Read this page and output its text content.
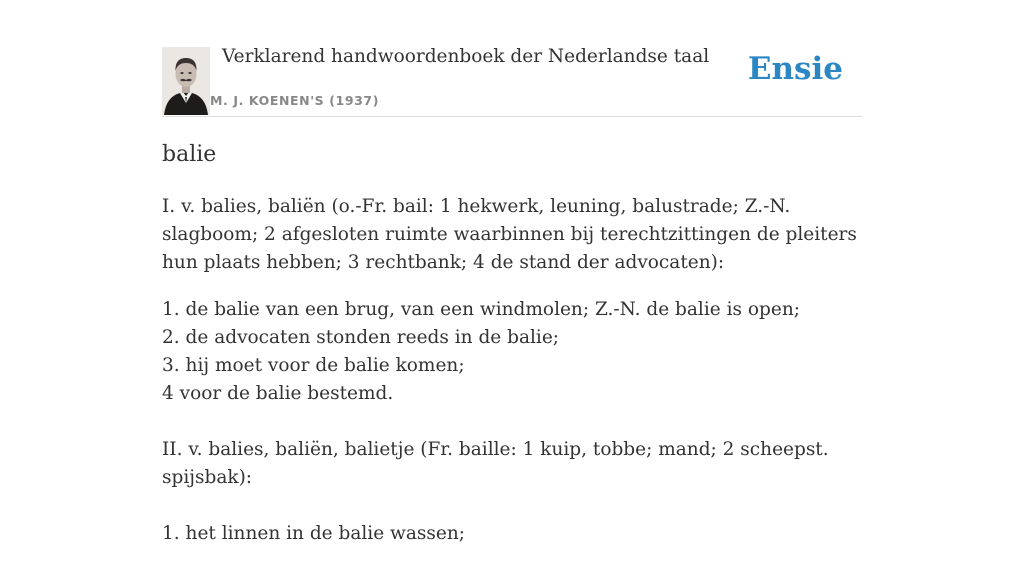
Verklarend handwoordenboek der Nederlandse taal
M. J. KOENEN'S (1937)
Ensie
balie

I. v. balies, baliën (o.-Fr. bail: 1 hekwerk, leuning, balustrade; Z.-N. slagboom; 2 afgesloten ruimte waarbinnen bij terechtzittingen de pleiters hun plaats hebben; 3 rechtbank; 4 de stand der advocaten):

1. de balie van een brug, van een windmolen; Z.-N. de balie is open;
2. de advocaten stonden reeds in de balie;
3. hij moet voor de balie komen;
4 voor de balie bestemd.

II. v. balies, baliën, balietje (Fr. baille: 1 kuip, tobbe; mand; 2 scheepst. spijsbak):

1. het linnen in de balie wassen;
